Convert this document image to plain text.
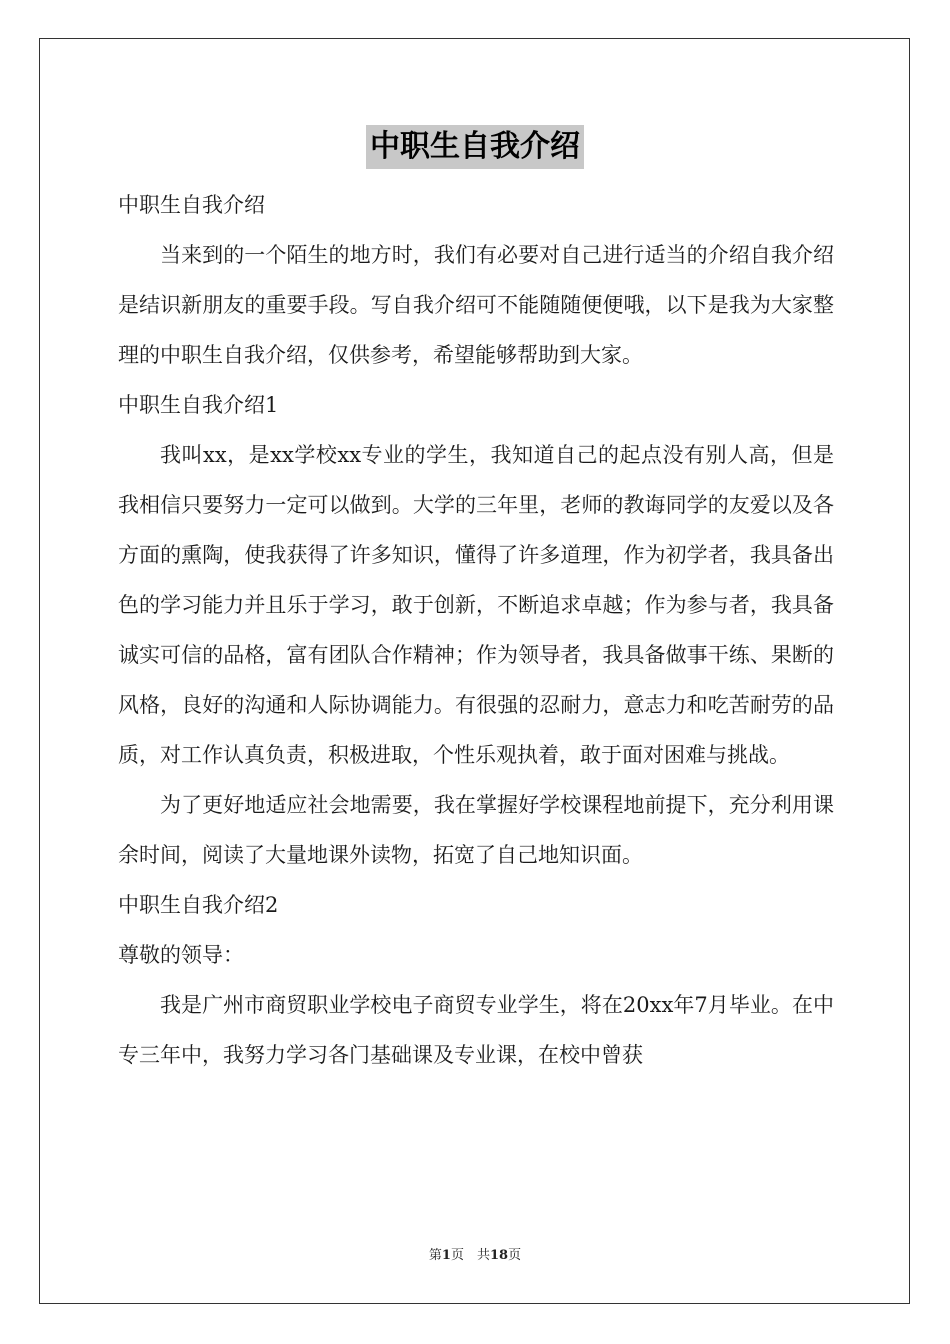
中职生自我介绍
中职生自我介绍

当来到的一个陌生的地方时，我们有必要对自己进行适当的介绍自我介绍是结识新朋友的重要手段。写自我介绍可不能随随便便哦，以下是我为大家整理的中职生自我介绍，仅供参考，希望能够帮助到大家。

中职生自我介绍1

我叫xx，是xx学校xx专业的学生，我知道自己的起点没有别人高，但是我相信只要努力一定可以做到。大学的三年里，老师的教诲同学的友爱以及各方面的熏陶，使我获得了许多知识，懂得了许多道理，作为初学者，我具备出色的学习能力并且乐于学习，敢于创新，不断追求卓越；作为参与者，我具备诚实可信的品格，富有团队合作精神；作为领导者，我具备做事干练、果断的风格，良好的沟通和人际协调能力。有很强的忍耐力，意志力和吃苦耐劳的品质，对工作认真负责，积极进取，个性乐观执着，敢于面对困难与挑战。

为了更好地适应社会地需要，我在掌握好学校课程地前提下，充分利用课余时间，阅读了大量地课外读物，拓宽了自己地知识面。

中职生自我介绍2
尊敬的领导：

我是广州市商贸职业学校电子商贸专业学生，将在20xx年7月毕业。在中专三年中，我努力学习各门基础课及专业课，在校中曾获

第1页　共18页
